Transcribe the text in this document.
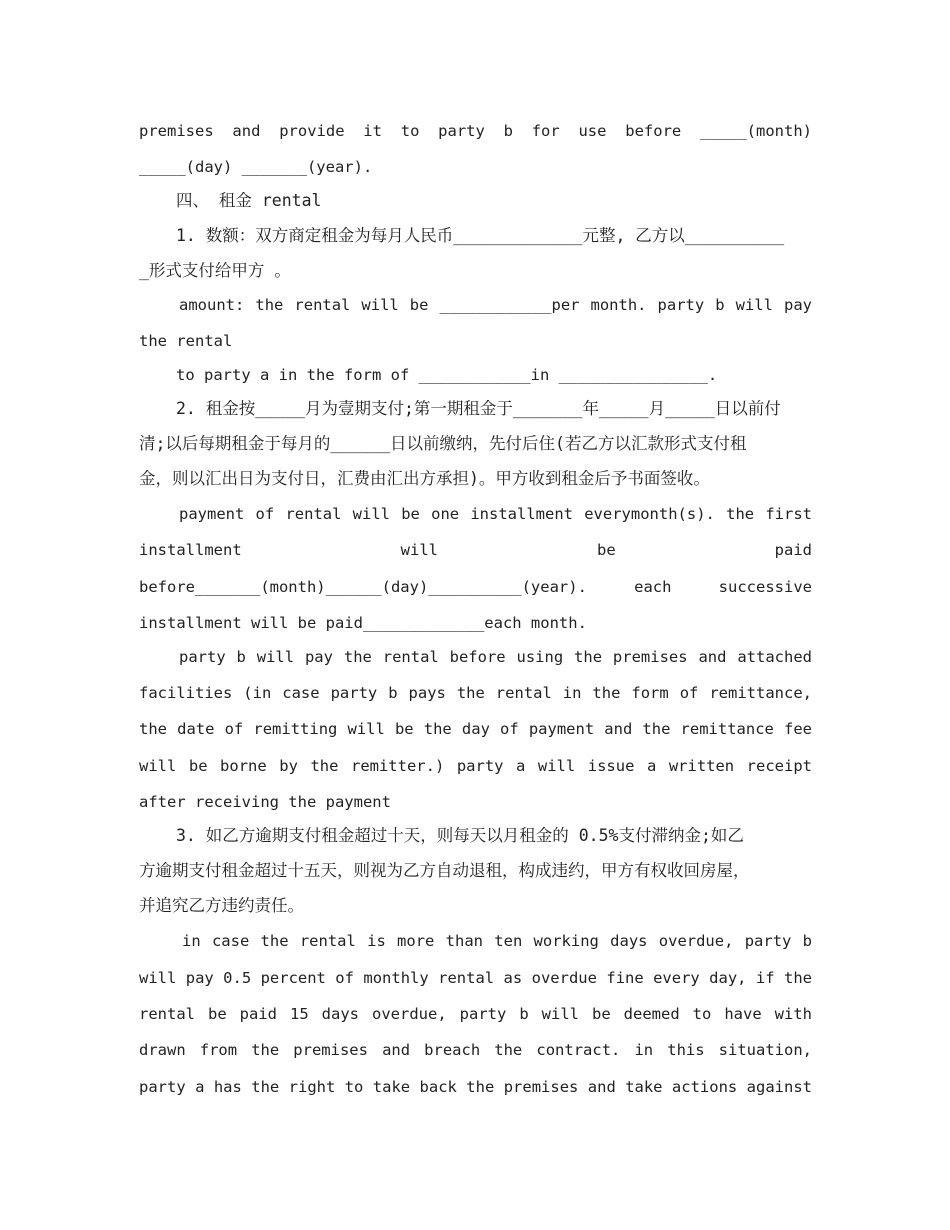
premises and provide it to party b for use before _____(month)
_____(day) _______(year).
四、 租金 rental
1. 数额：双方商定租金为每月人民币_____________元整, 乙方以__________
_形式支付给甲方 。
amount: the rental will be ____________per month. party b will pay
the rental
to party a in the form of ____________in ________________.
2. 租金按_____月为壹期支付;第一期租金于_______年_____月_____日以前付
清;以后每期租金于每月的______日以前缴纳，先付后住(若乙方以汇款形式支付租
金，则以汇出日为支付日，汇费由汇出方承担)。甲方收到租金后予书面签收。
payment of rental will be one installment everymonth(s). the first
installment will be paid
before_______(month)______(day)__________(year). each successive
installment will be paid_____________each month.
party b will pay the rental before using the premises and attached
facilities (in case party b pays the rental in the form of remittance,
the date of remitting will be the day of payment and the remittance fee
will be borne by the remitter.) party a will issue a written receipt
after receiving the payment
3. 如乙方逾期支付租金超过十天，则每天以月租金的 0.5%支付滞纳金;如乙
方逾期支付租金超过十五天，则视为乙方自动退租，构成违约，甲方有权收回房屋，
并追究乙方违约责任。
in case the rental is more than ten working days overdue, party b
will pay 0.5 percent of monthly rental as overdue fine every day, if the
rental be paid 15 days overdue, party b will be deemed to have with
drawn from the premises and breach the contract. in this situation,
party a has the right to take back the premises and take actions against
